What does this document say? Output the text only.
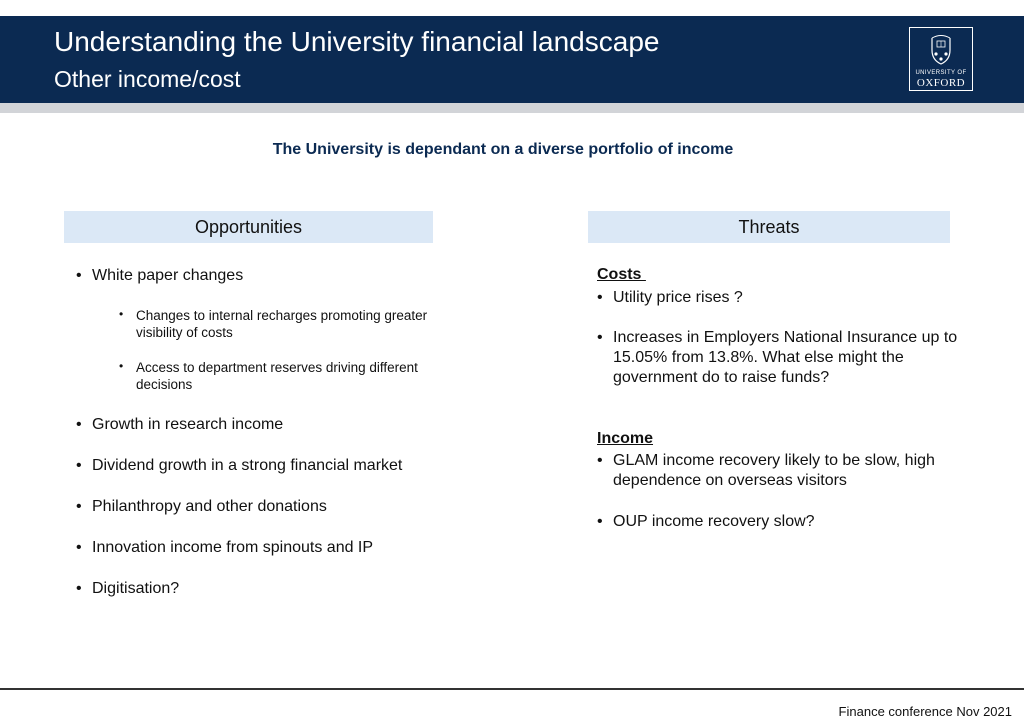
Understanding the University financial landscape
Other income/cost	UNIVERSITY OF
OXFORD
The University is dependant on a diverse portfolio of income
Opportunities	Threats
• White paper changes
• Changes to internal recharges promoting greater visibility of costs
• Access to department reserves driving different decisions
• Growth in research income
• Dividend growth in a strong financial market
• Philanthropy and other donations
• Innovation income from spinouts and IP
• Digitisation?
Costs
• Utility price rises ?
• Increases in Employers National Insurance up to 15.05% from 13.8%. What else might the government do to raise funds?
Income
• GLAM income recovery likely to be slow, high dependence on overseas visitors
• OUP income recovery slow?
Finance conference Nov 2021
